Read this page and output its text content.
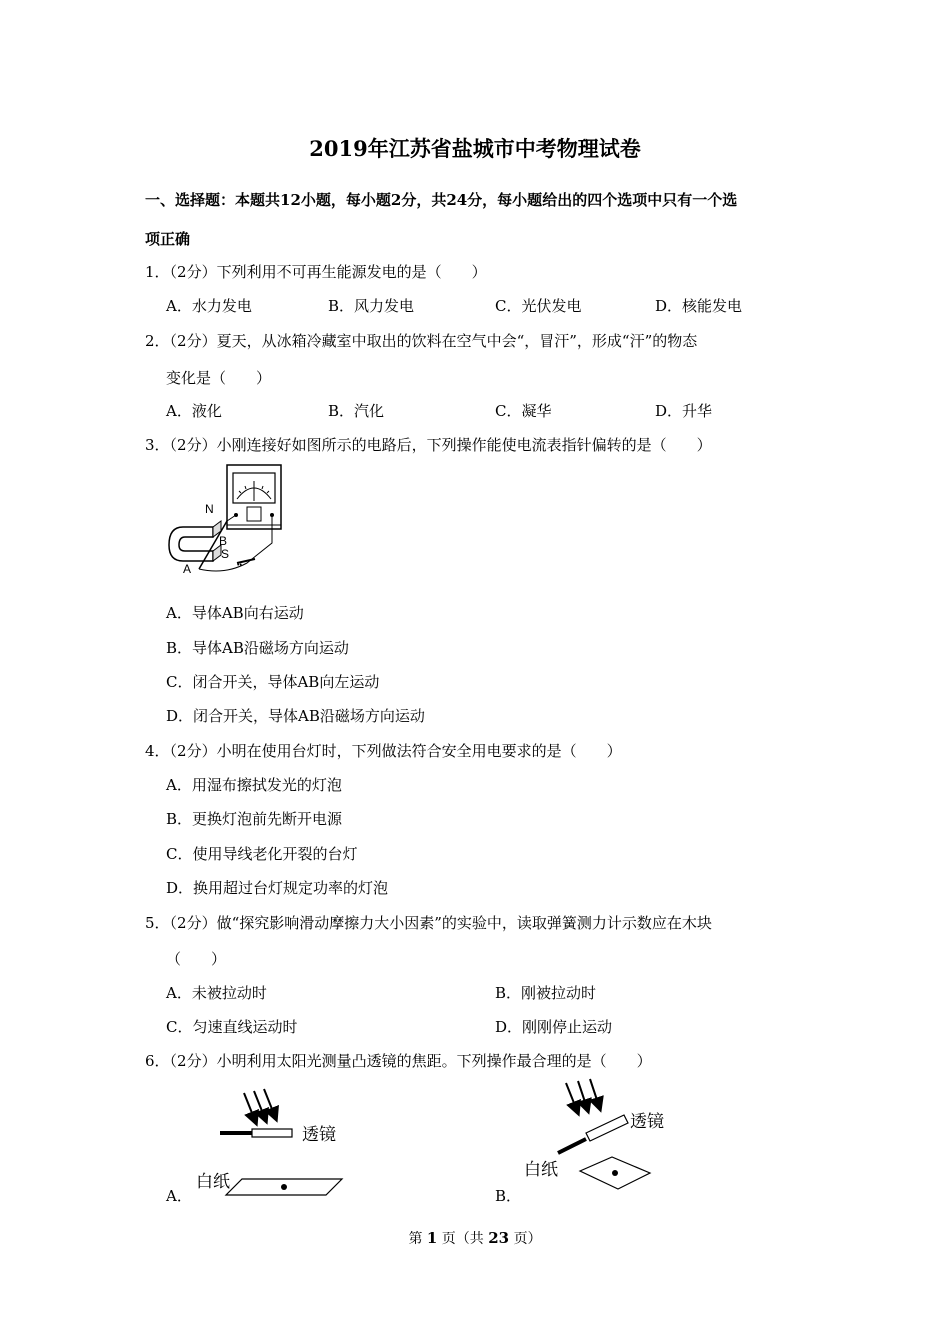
2019年江苏省盐城市中考物理试卷
一、选择题：本题共12小题，每小题2分，共24分，每小题给出的四个选项中只有一个选
项正确
1．（2分）下列利用不可再生能源发电的是（　　）
A．水力发电	B．风力发电	C．光伏发电	D．核能发电
2．（2分）夏天，从冰箱冷藏室中取出的饮料在空气中会“，冒汗”，形成“汗”的物态
变化是（　　）
A．液化	B．汽化	C．凝华	D．升华
3．（2分）小刚连接好如图所示的电路后，下列操作能使电流表指针偏转的是（　　）
••
N
B
S
A
A．导体AB向右运动
B．导体AB沿磁场方向运动
C．闭合开关，导体AB向左运动
D．闭合开关，导体AB沿磁场方向运动
4．（2分）小明在使用台灯时，下列做法符合安全用电要求的是（　　）
A．用湿布擦拭发光的灯泡
B．更换灯泡前先断开电源
C．使用导线老化开裂的台灯
D．换用超过台灯规定功率的灯泡
5．（2分）做“探究影响滑动摩擦力大小因素”的实验中，读取弹簧测力计示数应在木块
（　　）
A．未被拉动时	B．刚被拉动时
C．匀速直线运动时	D．刚刚停止运动
6．（2分）小明利用太阳光测量凸透镜的焦距。下列操作最合理的是（　　）
透镜
白纸
A．
透镜
白纸
B．
第 1 页（共 23 页）
